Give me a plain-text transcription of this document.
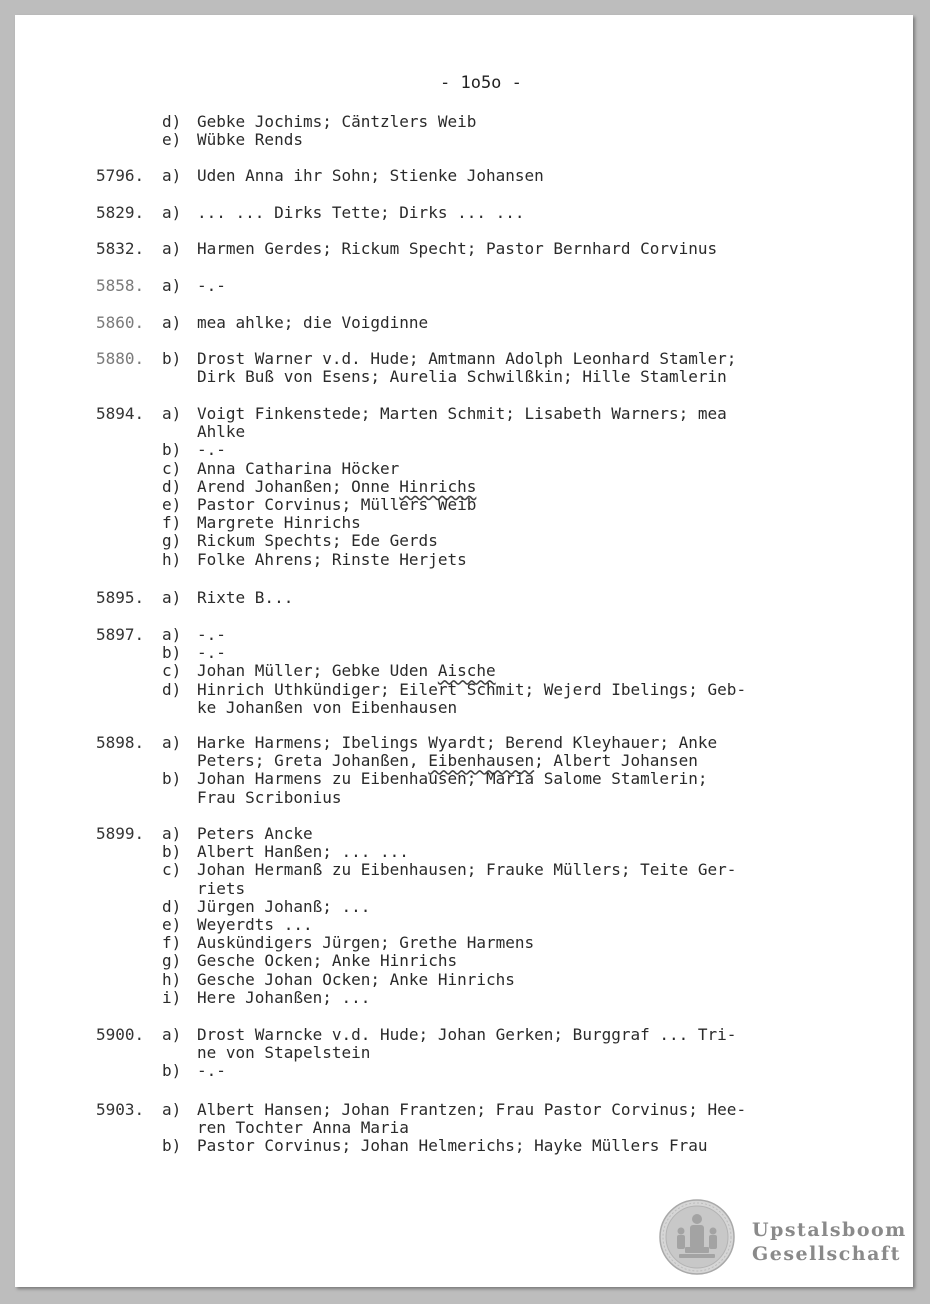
- 1o5o -
d) Gebke Jochims; Cäntzlers Weib
e) Wübke Rends
5796. a) Uden Anna ihr Sohn; Stienke Johansen
5829. a) ... ... Dirks Tette; Dirks ... ...
5832. a) Harmen Gerdes; Rickum Specht; Pastor Bernhard Corvinus
5858. a) -.-
5860. a) mea ahlke; die Voigdinne
5880. b) Drost Warner v.d. Hude; Amtmann Adolph Leonhard Stamler;
Dirk Buß von Esens; Aurelia Schwilßkin; Hille Stamlerin
5894. a) Voigt Finkenstede; Marten Schmit; Lisabeth Warners; mea
Ahlke
b) -.-
c) Anna Catharina Höcker
d) Arend Johanßen; Onne Hinrichs
e) Pastor Corvinus; Müllers Weib
f) Margrete Hinrichs
g) Rickum Spechts; Ede Gerds
h) Folke Ahrens; Rinste Herjets
5895. a) Rixte B...
5897. a) -.-
b) -.-
c) Johan Müller; Gebke Uden Aische
d) Hinrich Uthkündiger; Eilert Schmit; Wejerd Ibelings; Geb-
ke Johanßen von Eibenhausen
5898. a) Harke Harmens; Ibelings Wyardt; Berend Kleyhauer; Anke
Peters; Greta Johanßen, Eibenhausen; Albert Johansen
b) Johan Harmens zu Eibenhausen; Maria Salome Stamlerin;
Frau Scribonius
5899. a) Peters Ancke
b) Albert Hanßen; ... ...
c) Johan Hermanß zu Eibenhausen; Frauke Müllers; Teite Ger-
riets
d) Jürgen Johanß; ...
e) Weyerdts ...
f) Auskündigers Jürgen; Grethe Harmens
g) Gesche Ocken; Anke Hinrichs
h) Gesche Johan Ocken; Anke Hinrichs
i) Here Johanßen; ...
5900. a) Drost Warncke v.d. Hude; Johan Gerken; Burggraf ... Tri-
ne von Stapelstein
b) -.-
5903. a) Albert Hansen; Johan Frantzen; Frau Pastor Corvinus; Hee-
ren Tochter Anna Maria
b) Pastor Corvinus; Johan Helmerichs; Hayke Müllers Frau
Upstalsboom
Gesellschaft
